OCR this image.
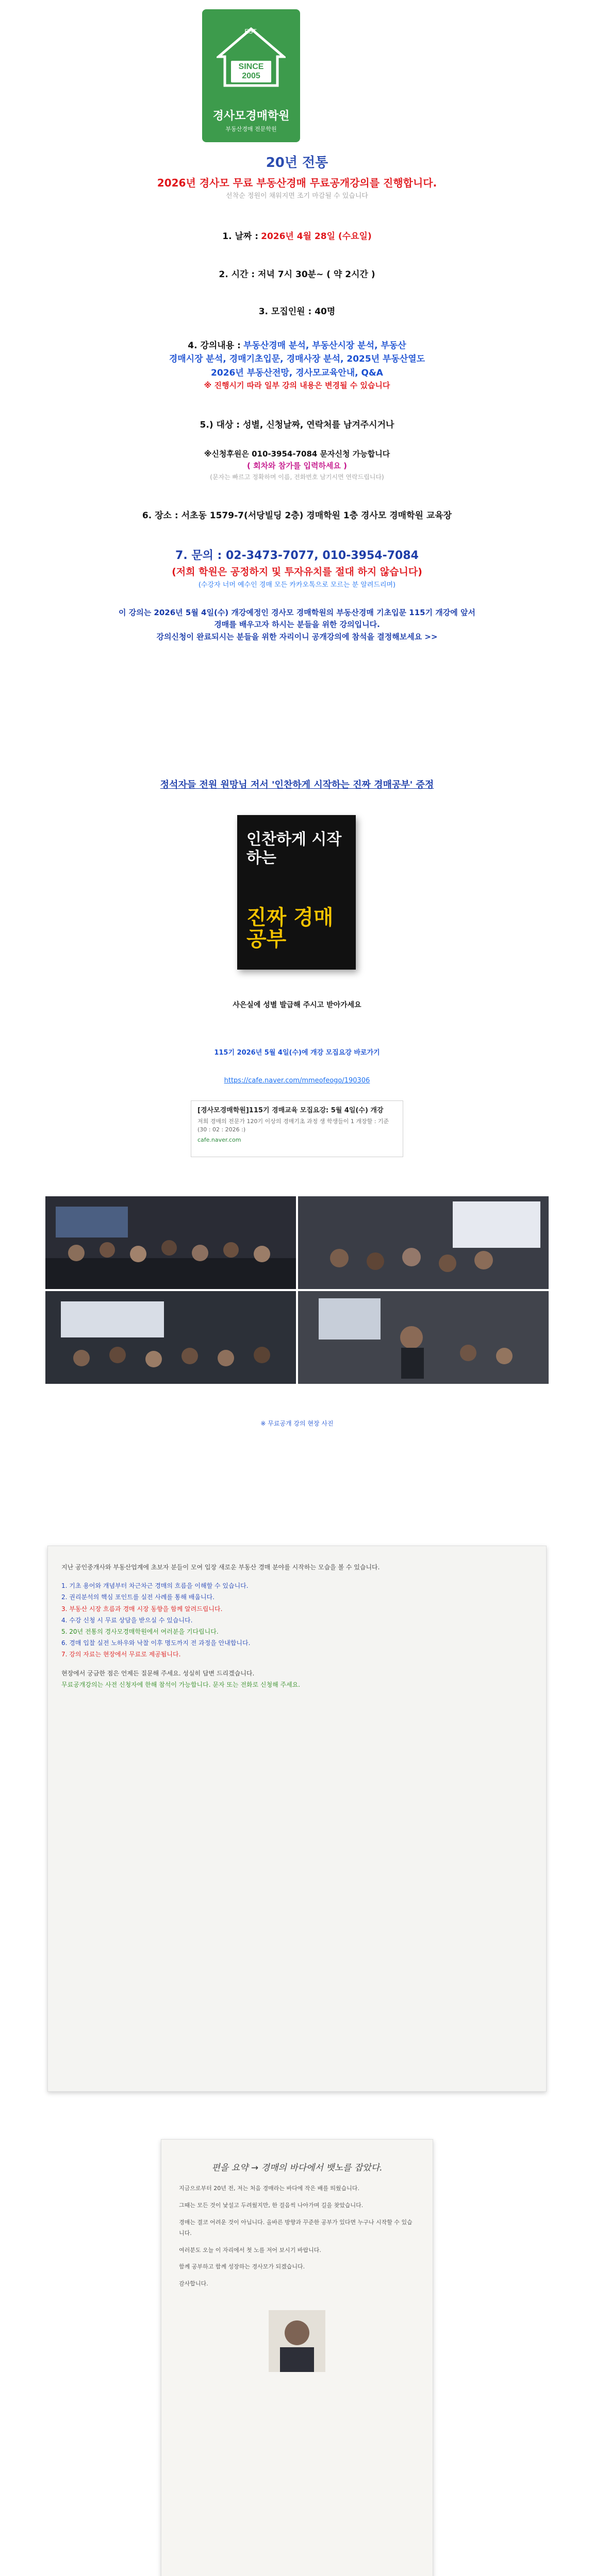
EST.
SINCE 2005
경사모경매학원
부동산경매 전문학원
20년 전통
2026년 경사모 무료 부동산경매 무료공개강의를 진행합니다.
선착순 정원이 채워지면 조기 마감될 수 있습니다
1. 날짜 : 2026년 4월 28일 (수요일)
2. 시간 : 저녁 7시 30분~ ( 약 2시간 )
3. 모집인원 : 40명
4. 강의내용 : 부동산경매 분석, 부동산시장 분석, 부동산
경매시장 분석, 경매기초입문, 경매사장 분석, 2025년 부동산열도
2026년 부동산전망, 경사모교육안내, Q&A
※ 진행시기 따라 일부 강의 내용은 변경될 수 있습니다
5.) 대상 : 성별, 신청날짜, 연락처를 남겨주시거나
※신청후원은 010-3954-7084 문자신청 가능합니다
( 회차와 참가를 입력하세요 )
(문자는 빠르고 정확하며 이름, 전화번호 남기시면 연락드립니다)
6. 장소 : 서초동 1579-7(서당빌딩 2층) 경매학원 1층 경사모 경매학원 교육장
7. 문의 : 02-3473-7077, 010-3954-7084
(저희 학원은 공정하지 및 투자유치를 절대 하지 않습니다)
(수강자 너머 예수인 경매 모든 카카오톡으로 모르는 분 알려드리며)
이 강의는 2026년 5월 4일(수) 개강예정인 경사모 경매학원의 부동산경매 기초입문 115기 개강에 앞서
경매를 배우고자 하시는 분들을 위한 강의입니다.
강의신청이 완료되시는 분들을 위한 자리이니 공개강의에 참석을 결정해보세요 >>
정석자들 전원 원망님 저서 '인찬하게 시작하는 진짜 경매공부' 증정
인찬하게 시작하는
진짜 경매공부
사은실에 성별 발급해 주시고 받아가세요
115기 2026년 5월 4일(수)에 개강 모집요강 바로가기
https://cafe.naver.com/mmeofeogo/190306
[경사모경매학원]115기 경매교육 모집요강: 5월 4일(수) 개강
저희 경매의 전문가 120기 이상의 경매기초 과정 생 학생들이 1 개장할 : 기준(30 : 02 : 2026 :)
cafe.naver.com
※ 무료공개 강의 현장 사진

지난 공인중개사와 부동산업계에 초보자 분들이 모여 입장 새로운 부동산 경매 분야를 시작하는 모습을 볼 수 있습니다.

1. 기초 용어와 개념부터 차근차근 경매의 흐름을 이해할 수 있습니다.

2. 권리분석의 핵심 포인트를 실전 사례를 통해 배웁니다.

3. 부동산 시장 흐름과 경매 시장 동향을 함께 알려드립니다.

4. 수강 신청 시 무료 상담을 받으실 수 있습니다.

5. 20년 전통의 경사모경매학원에서 여러분을 기다립니다.

6. 경매 입찰 실전 노하우와 낙찰 이후 명도까지 전 과정을 안내합니다.

7. 강의 자료는 현장에서 무료로 제공됩니다.

현장에서 궁금한 점은 언제든 질문해 주세요. 성실히 답변 드리겠습니다.

무료공개강의는 사전 신청자에 한해 참석이 가능합니다. 문자 또는 전화로 신청해 주세요.

편을 요약 → 경매의 바다에서 뱃노를 잡았다.

지금으로부터 20년 전, 저는 처음 경매라는 바다에 작은 배를 띄웠습니다.

그때는 모든 것이 낯설고 두려웠지만, 한 걸음씩 나아가며 길을 찾았습니다.

경매는 결코 어려운 것이 아닙니다. 올바른 방향과 꾸준한 공부가 있다면 누구나 시작할 수 있습니다.

여러분도 오늘 이 자리에서 첫 노를 저어 보시기 바랍니다.

함께 공부하고 함께 성장하는 경사모가 되겠습니다.

감사합니다.
